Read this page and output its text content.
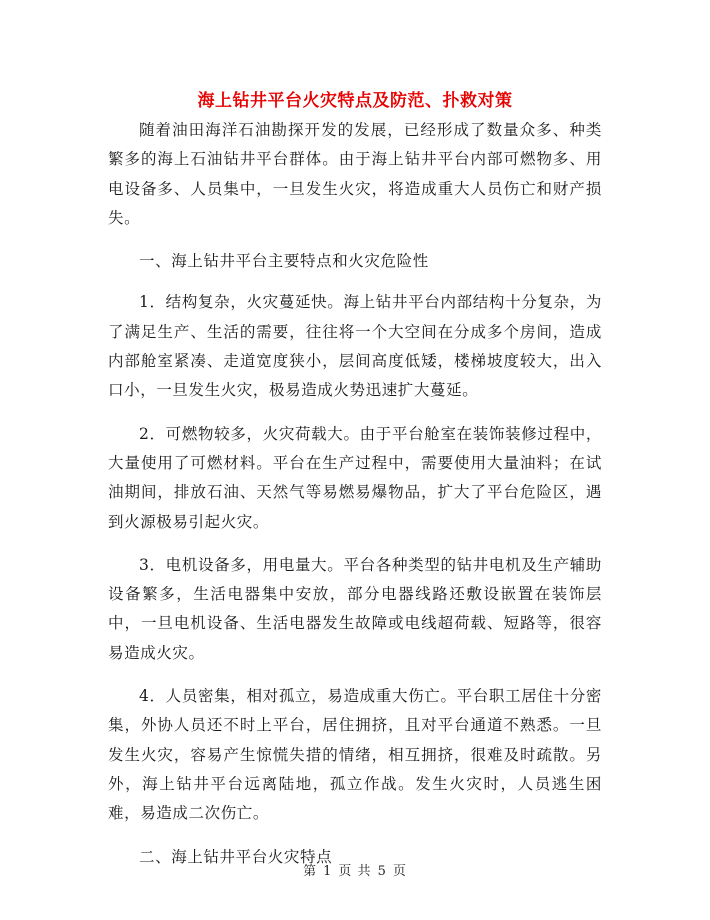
海上钻井平台火灾特点及防范、扑救对策

随着油田海洋石油勘探开发的发展，已经形成了数量众多、种类繁多的海上石油钻井平台群体。由于海上钻井平台内部可燃物多、用电设备多、人员集中，一旦发生火灾，将造成重大人员伤亡和财产损失。

一、海上钻井平台主要特点和火灾危险性

1．结构复杂，火灾蔓延快。海上钻井平台内部结构十分复杂，为了满足生产、生活的需要，往往将一个大空间在分成多个房间，造成内部舱室紧凑、走道宽度狭小，层间高度低矮，楼梯坡度较大，出入口小，一旦发生火灾，极易造成火势迅速扩大蔓延。

2．可燃物较多，火灾荷载大。由于平台舱室在装饰装修过程中，大量使用了可燃材料。平台在生产过程中，需要使用大量油料；在试油期间，排放石油、天然气等易燃易爆物品，扩大了平台危险区，遇到火源极易引起火灾。

3．电机设备多，用电量大。平台各种类型的钻井电机及生产辅助设备繁多，生活电器集中安放，部分电器线路还敷设嵌置在装饰层中，一旦电机设备、生活电器发生故障或电线超荷载、短路等，很容易造成火灾。

4．人员密集，相对孤立，易造成重大伤亡。平台职工居住十分密集，外协人员还不时上平台，居住拥挤，且对平台通道不熟悉。一旦发生火灾，容易产生惊慌失措的情绪，相互拥挤，很难及时疏散。另外，海上钻井平台远离陆地，孤立作战。发生火灾时，人员逃生困难，易造成二次伤亡。

二、海上钻井平台火灾特点

第 1 页 共 5 页
